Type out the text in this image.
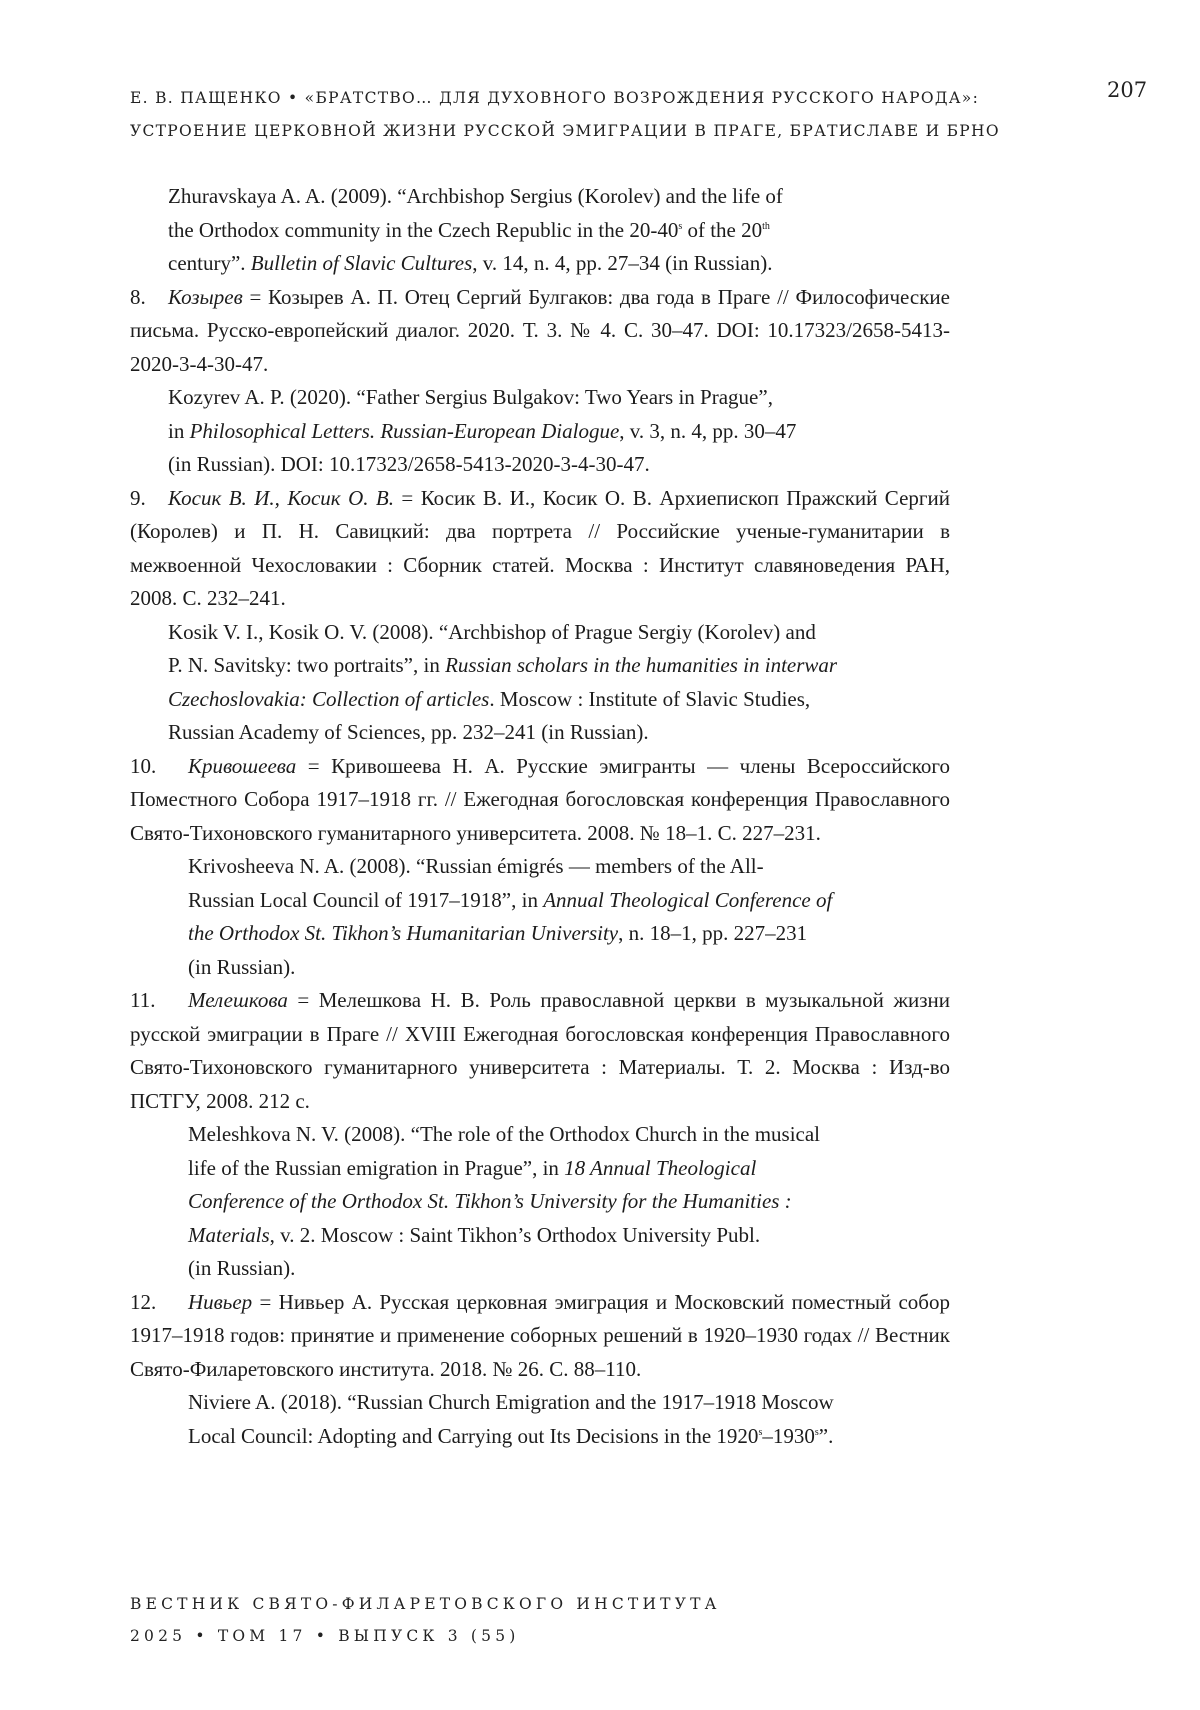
Е. В. ПАЩЕНКО • «БРАТСТВО… ДЛЯ ДУХОВНОГО ВОЗРОЖДЕНИЯ РУССКОГО НАРОДА»:
УСТРОЕНИЕ ЦЕРКОВНОЙ ЖИЗНИ РУССКОЙ ЭМИГРАЦИИ В ПРАГЕ, БРАТИСЛАВЕ И БРНО
207

Zhuravskaya A. A. (2009). “Archbishop Sergius (Korolev) and the life of

the Orthodox community in the Czech Republic in the 20-40s of the 20th

century”. Bulletin of Slavic Cultures, v. 14, n. 4, pp. 27–34 (in Russian).

8. Козырев = Козырев А. П. Отец Сергий Булгаков: два года в Праге // Философические письма. Русско-европейский диалог. 2020. Т. 3. № 4. С. 30–47. DOI: 10.17323/2658-5413-2020-3-4-30-47.

Kozyrev A. P. (2020). “Father Sergius Bulgakov: Two Years in Prague”,

in Philosophical Letters. Russian-European Dialogue, v. 3, n. 4, pp. 30–47

(in Russian). DOI: 10.17323/2658-5413-2020-3-4-30-47.

9. Косик В. И., Косик О. В. = Косик В. И., Косик О. В. Архиепископ Пражский Сергий (Королев) и П. Н. Савицкий: два портрета // Российские ученые-гуманитарии в межвоенной Чехословакии : Сборник статей. Москва : Институт славяноведения РАН, 2008. С. 232–241.

Kosik V. I., Kosik O. V. (2008). “Archbishop of Prague Sergiy (Korolev) and

P. N. Savitsky: two portraits”, in Russian scholars in the humanities in interwar

Czechoslovakia: Collection of articles. Moscow : Institute of Slavic Studies,

Russian Academy of Sciences, pp. 232–241 (in Russian).

10. Кривошеева = Кривошеева Н. А. Русские эмигранты — члены Всероссийского Поместного Собора 1917–1918 гг. // Ежегодная богословская конференция Православного Свято-Тихоновского гуманитарного университета. 2008. № 18–1. С. 227–231.

Krivosheeva N. A. (2008). “Russian émigrés — members of the All-

Russian Local Council of 1917–1918”, in Annual Theological Conference of

the Orthodox St. Tikhon’s Humanitarian University, n. 18–1, pp. 227–231

(in Russian).

11. Мелешкова = Мелешкова Н. В. Роль православной церкви в музыкальной жизни русской эмиграции в Праге // XVIII Ежегодная богословская конференция Православного Свято-Тихоновского гуманитарного университета : Материалы. Т. 2. Москва : Изд-во ПСТГУ, 2008. 212 с.

Meleshkova N. V. (2008). “The role of the Orthodox Church in the musical

life of the Russian emigration in Prague”, in 18 Annual Theological

Conference of the Orthodox St. Tikhon’s University for the Humanities :

Materials, v. 2. Moscow : Saint Tikhon’s Orthodox University Publ.

(in Russian).

12. Нивьер = Нивьер А. Русская церковная эмиграция и Московский поместный собор 1917–1918 годов: принятие и применение соборных решений в 1920–1930 годах // Вестник Свято-Филаретовского института. 2018. № 26. С. 88–110.

Niviere A. (2018). “Russian Church Emigration and the 1917–1918 Moscow

Local Council: Adopting and Carrying out Its Decisions in the 1920s–1930s”.

ВЕСТНИК СВЯТО-ФИЛАРЕТОВСКОГО ИНСТИТУТА
2025 • ТОМ 17 • ВЫПУСК 3 (55)
